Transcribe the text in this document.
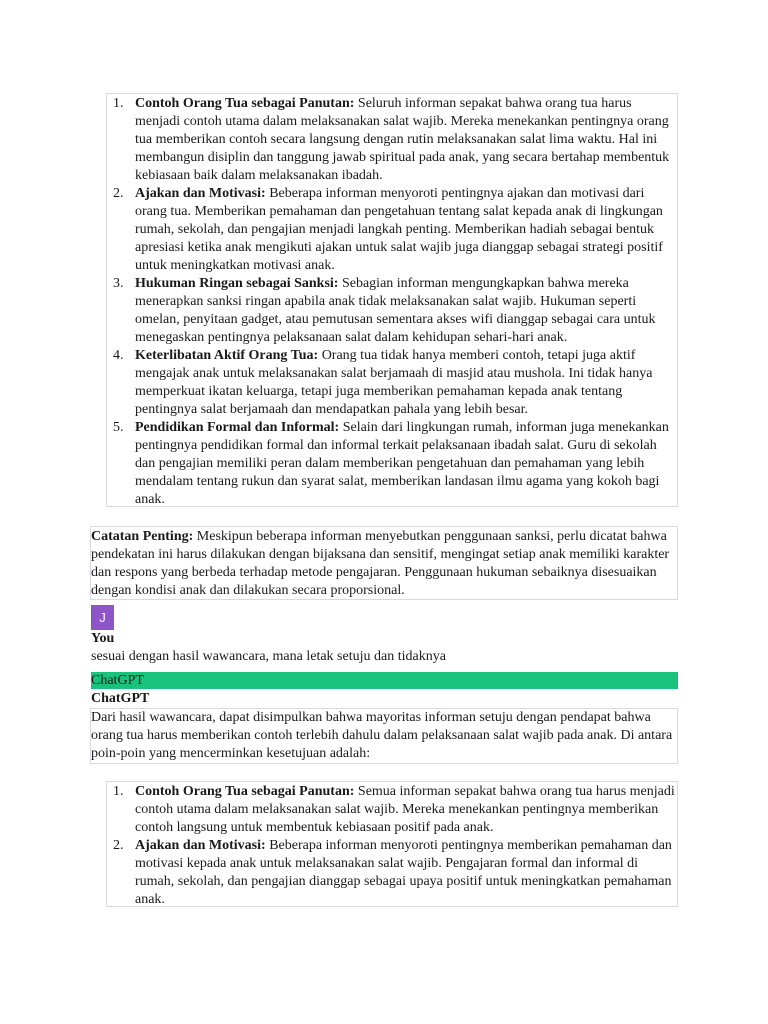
1. Contoh Orang Tua sebagai Panutan: Seluruh informan sepakat bahwa orang tua harus menjadi contoh utama dalam melaksanakan salat wajib. Mereka menekankan pentingnya orang tua memberikan contoh secara langsung dengan rutin melaksanakan salat lima waktu. Hal ini membangun disiplin dan tanggung jawab spiritual pada anak, yang secara bertahap membentuk kebiasaan baik dalam melaksanakan ibadah.
2. Ajakan dan Motivasi: Beberapa informan menyoroti pentingnya ajakan dan motivasi dari orang tua. Memberikan pemahaman dan pengetahuan tentang salat kepada anak di lingkungan rumah, sekolah, dan pengajian menjadi langkah penting. Memberikan hadiah sebagai bentuk apresiasi ketika anak mengikuti ajakan untuk salat wajib juga dianggap sebagai strategi positif untuk meningkatkan motivasi anak.
3. Hukuman Ringan sebagai Sanksi: Sebagian informan mengungkapkan bahwa mereka menerapkan sanksi ringan apabila anak tidak melaksanakan salat wajib. Hukuman seperti omelan, penyitaan gadget, atau pemutusan sementara akses wifi dianggap sebagai cara untuk menegaskan pentingnya pelaksanaan salat dalam kehidupan sehari-hari anak.
4. Keterlibatan Aktif Orang Tua: Orang tua tidak hanya memberi contoh, tetapi juga aktif mengajak anak untuk melaksanakan salat berjamaah di masjid atau mushola. Ini tidak hanya memperkuat ikatan keluarga, tetapi juga memberikan pemahaman kepada anak tentang pentingnya salat berjamaah dan mendapatkan pahala yang lebih besar.
5. Pendidikan Formal dan Informal: Selain dari lingkungan rumah, informan juga menekankan pentingnya pendidikan formal dan informal terkait pelaksanaan ibadah salat. Guru di sekolah dan pengajian memiliki peran dalam memberikan pengetahuan dan pemahaman yang lebih mendalam tentang rukun dan syarat salat, memberikan landasan ilmu agama yang kokoh bagi anak.
Catatan Penting: Meskipun beberapa informan menyebutkan penggunaan sanksi, perlu dicatat bahwa pendekatan ini harus dilakukan dengan bijaksana dan sensitif, mengingat setiap anak memiliki karakter dan respons yang berbeda terhadap metode pengajaran. Penggunaan hukuman sebaiknya disesuaikan dengan kondisi anak dan dilakukan secara proporsional.
J
You
sesuai dengan hasil wawancara, mana letak setuju dan tidaknya
ChatGPT
ChatGPT
Dari hasil wawancara, dapat disimpulkan bahwa mayoritas informan setuju dengan pendapat bahwa orang tua harus memberikan contoh terlebih dahulu dalam pelaksanaan salat wajib pada anak. Di antara poin-poin yang mencerminkan kesetujuan adalah:
1. Contoh Orang Tua sebagai Panutan: Semua informan sepakat bahwa orang tua harus menjadi contoh utama dalam melaksanakan salat wajib. Mereka menekankan pentingnya memberikan contoh langsung untuk membentuk kebiasaan positif pada anak.
2. Ajakan dan Motivasi: Beberapa informan menyoroti pentingnya memberikan pemahaman dan motivasi kepada anak untuk melaksanakan salat wajib. Pengajaran formal dan informal di rumah, sekolah, dan pengajian dianggap sebagai upaya positif untuk meningkatkan pemahaman anak.
